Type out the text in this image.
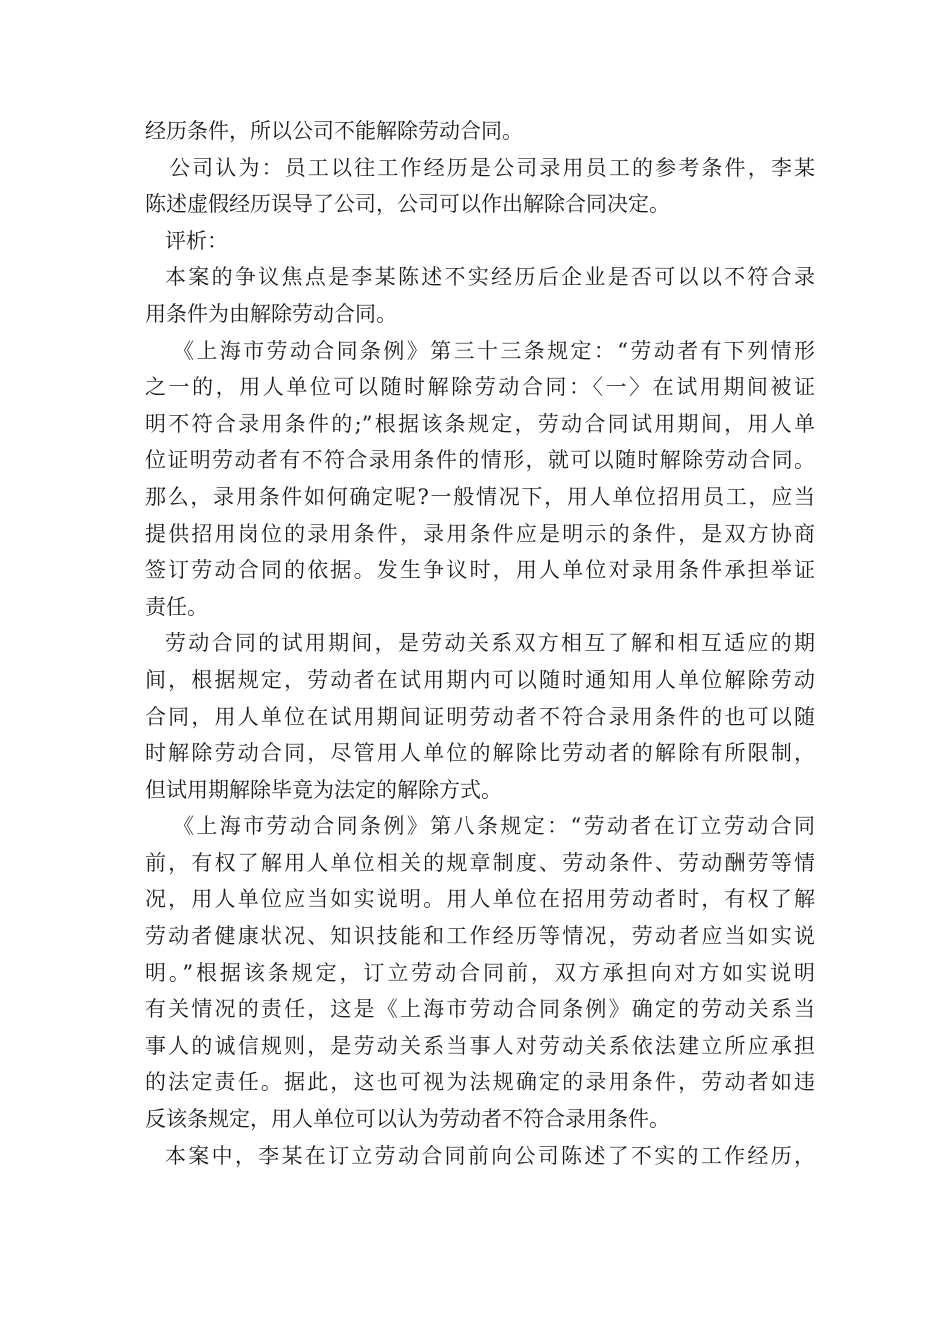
经历条件，所以公司不能解除劳动合同。
公司认为：员工以往工作经历是公司录用员工的参考条件，李某
陈述虚假经历误导了公司，公司可以作出解除合同决定。
评析：
本案的争议焦点是李某陈述不实经历后企业是否可以以不符合录
用条件为由解除劳动合同。
《上海市劳动合同条例》第三十三条规定：“劳动者有下列情形
之一的，用人单位可以随时解除劳动合同：〈一〉在试用期间被证
明不符合录用条件的;”根据该条规定，劳动合同试用期间，用人单
位证明劳动者有不符合录用条件的情形，就可以随时解除劳动合同。
那么，录用条件如何确定呢?一般情况下，用人单位招用员工，应当
提供招用岗位的录用条件，录用条件应是明示的条件，是双方协商
签订劳动合同的依据。发生争议时，用人单位对录用条件承担举证
责任。
劳动合同的试用期间，是劳动关系双方相互了解和相互适应的期
间，根据规定，劳动者在试用期内可以随时通知用人单位解除劳动
合同，用人单位在试用期间证明劳动者不符合录用条件的也可以随
时解除劳动合同，尽管用人单位的解除比劳动者的解除有所限制，
但试用期解除毕竟为法定的解除方式。
《上海市劳动合同条例》第八条规定：“劳动者在订立劳动合同
前，有权了解用人单位相关的规章制度、劳动条件、劳动酬劳等情
况，用人单位应当如实说明。用人单位在招用劳动者时，有权了解
劳动者健康状况、知识技能和工作经历等情况，劳动者应当如实说
明。”根据该条规定，订立劳动合同前，双方承担向对方如实说明
有关情况的责任，这是《上海市劳动合同条例》确定的劳动关系当
事人的诚信规则，是劳动关系当事人对劳动关系依法建立所应承担
的法定责任。据此，这也可视为法规确定的录用条件，劳动者如违
反该条规定，用人单位可以认为劳动者不符合录用条件。
本案中，李某在订立劳动合同前向公司陈述了不实的工作经历，
